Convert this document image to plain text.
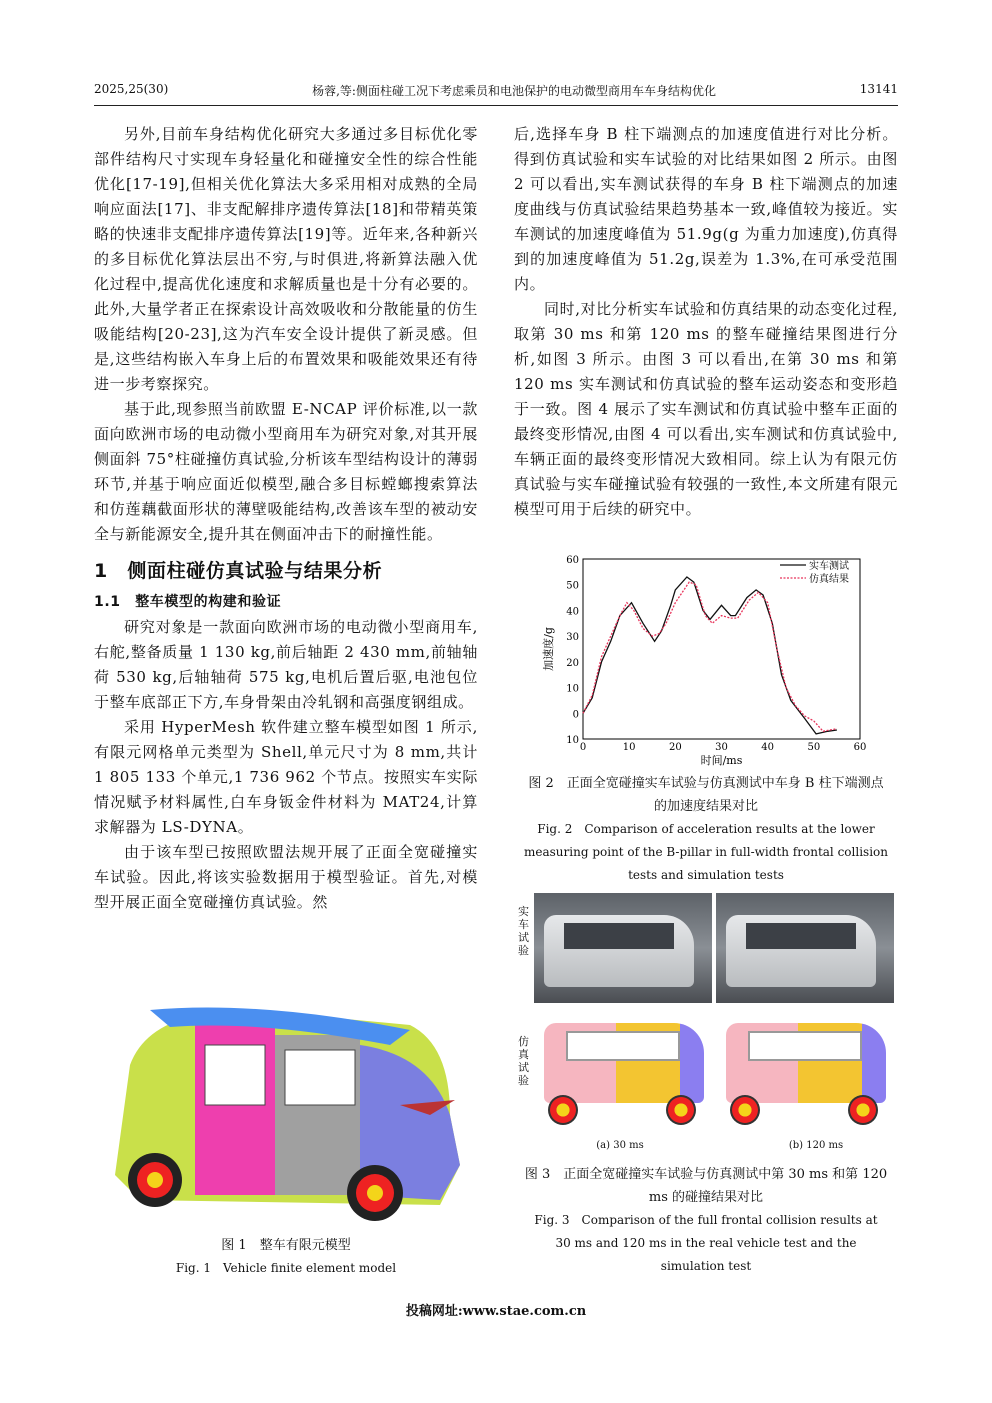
2025,25(30)	杨蓉,等:侧面柱碰工况下考虑乘员和电池保护的电动微型商用车车身结构优化	13141

另外,目前车身结构优化研究大多通过多目标优化零部件结构尺寸实现车身轻量化和碰撞安全性的综合性能优化[17-19],但相关优化算法大多采用相对成熟的全局响应面法[17]、非支配解排序遗传算法[18]和带精英策略的快速非支配排序遗传算法[19]等。近年来,各种新兴的多目标优化算法层出不穷,与时俱进,将新算法融入优化过程中,提高优化速度和求解质量也是十分有必要的。此外,大量学者正在探索设计高效吸收和分散能量的仿生吸能结构[20-23],这为汽车安全设计提供了新灵感。但是,这些结构嵌入车身上后的布置效果和吸能效果还有待进一步考察探究。

基于此,现参照当前欧盟 E-NCAP 评价标准,以一款面向欧洲市场的电动微小型商用车为研究对象,对其开展侧面斜 75°柱碰撞仿真试验,分析该车型结构设计的薄弱环节,并基于响应面近似模型,融合多目标螳螂搜索算法和仿莲藕截面形状的薄壁吸能结构,改善该车型的被动安全与新能源安全,提升其在侧面冲击下的耐撞性能。

1　侧面柱碰仿真试验与结果分析
1.1　整车模型的构建和验证

研究对象是一款面向欧洲市场的电动微小型商用车,右舵,整备质量 1 130 kg,前后轴距 2 430 mm,前轴轴荷 530 kg,后轴轴荷 575 kg,电机后置后驱,电池包位于整车底部正下方,车身骨架由冷轧钢和高强度钢组成。

采用 HyperMesh 软件建立整车模型如图 1 所示,有限元网格单元类型为 Shell,单元尺寸为 8 mm,共计 1 805 133 个单元,1 736 962 个节点。按照实车实际情况赋予材料属性,白车身钣金件材料为 MAT24,计算求解器为 LS-DYNA。

由于该车型已按照欧盟法规开展了正面全宽碰撞实车试验。因此,将该实验数据用于模型验证。首先,对模型开展正面全宽碰撞仿真试验。然

图 1　整车有限元模型
Fig. 1　Vehicle finite element model

后,选择车身 B 柱下端测点的加速度值进行对比分析。得到仿真试验和实车试验的对比结果如图 2 所示。由图 2 可以看出,实车测试获得的车身 B 柱下端测点的加速度曲线与仿真试验结果趋势基本一致,峰值较为接近。实车测试的加速度峰值为 51.9g(g 为重力加速度),仿真得到的加速度峰值为 51.2g,误差为 1.3%,在可承受范围内。

同时,对比分析实车试验和仿真结果的动态变化过程,取第 30 ms 和第 120 ms 的整车碰撞结果图进行分析,如图 3 所示。由图 3 可以看出,在第 30 ms 和第 120 ms 实车测试和仿真试验的整车运动姿态和变形趋于一致。图 4 展示了实车测试和仿真试验中整车正面的最终变形情况,由图 4 可以看出,实车测试和仿真试验中,车辆正面的最终变形情况大致相同。综上认为有限元仿真试验与实车碰撞试验有较强的一致性,本文所建有限元模型可用于后续的研究中。

0	10	20	30	40	50	60
10
0
10
20
30
40
50
60
时间/ms
加速度/g
实车测试
仿真结果
图 2　正面全宽碰撞实车试验与仿真测试中车身 B 柱下端测点的加速度结果对比
Fig. 2　Comparison of acceleration results at the lower measuring point of the B-pillar in full-width frontal collision tests and simulation tests
实车试验
仿真试验
(a) 30 ms	(b) 120 ms
图 3　正面全宽碰撞实车试验与仿真测试中第 30 ms 和第 120 ms 的碰撞结果对比
Fig. 3　Comparison of the full frontal collision results at 30 ms and 120 ms in the real vehicle test and the simulation test
投稿网址:www.stae.com.cn
